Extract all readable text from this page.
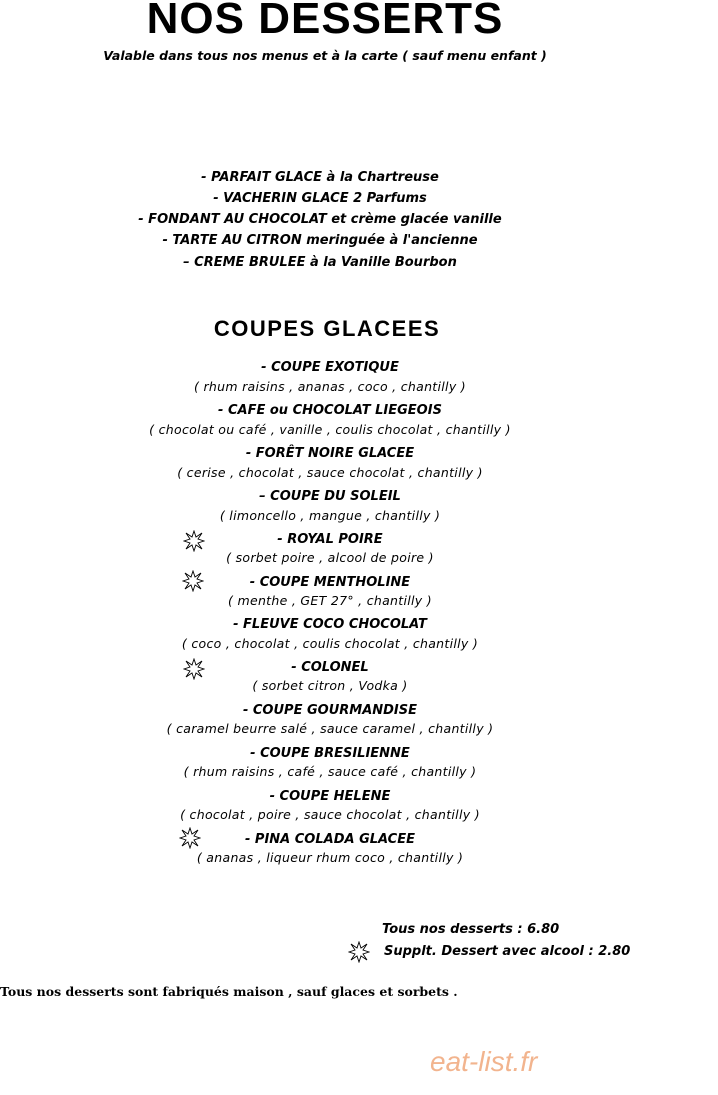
NOS DESSERTS
Valable dans tous nos menus et à la carte ( sauf menu enfant )
- PARFAIT GLACE à la Chartreuse
- VACHERIN GLACE 2 Parfums
- FONDANT AU CHOCOLAT et crème glacée vanille
- TARTE AU CITRON meringuée à l'ancienne
– CREME BRULEE à la Vanille Bourbon
COUPES GLACEES
- COUPE EXOTIQUE
( rhum raisins , ananas , coco , chantilly )
- CAFE ou CHOCOLAT LIEGEOIS
( chocolat ou café , vanille , coulis chocolat , chantilly )
- FORÊT NOIRE GLACEE
( cerise , chocolat , sauce chocolat , chantilly )
– COUPE DU SOLEIL
( limoncello , mangue , chantilly )
- ROYAL POIRE
( sorbet poire , alcool de poire )
- COUPE MENTHOLINE
( menthe , GET 27° , chantilly )
- FLEUVE COCO CHOCOLAT
( coco , chocolat , coulis chocolat , chantilly )
- COLONEL
( sorbet citron , Vodka )
- COUPE GOURMANDISE
( caramel beurre salé , sauce caramel , chantilly )
- COUPE BRESILIENNE
( rhum raisins , café , sauce café , chantilly )
- COUPE HELENE
( chocolat , poire , sauce chocolat , chantilly )
- PINA COLADA GLACEE
( ananas , liqueur rhum coco , chantilly )
Tous nos desserts : 6.80
Supplt. Dessert avec alcool : 2.80
Tous nos desserts sont fabriqués maison , sauf glaces et sorbets .
eat-list.fr
